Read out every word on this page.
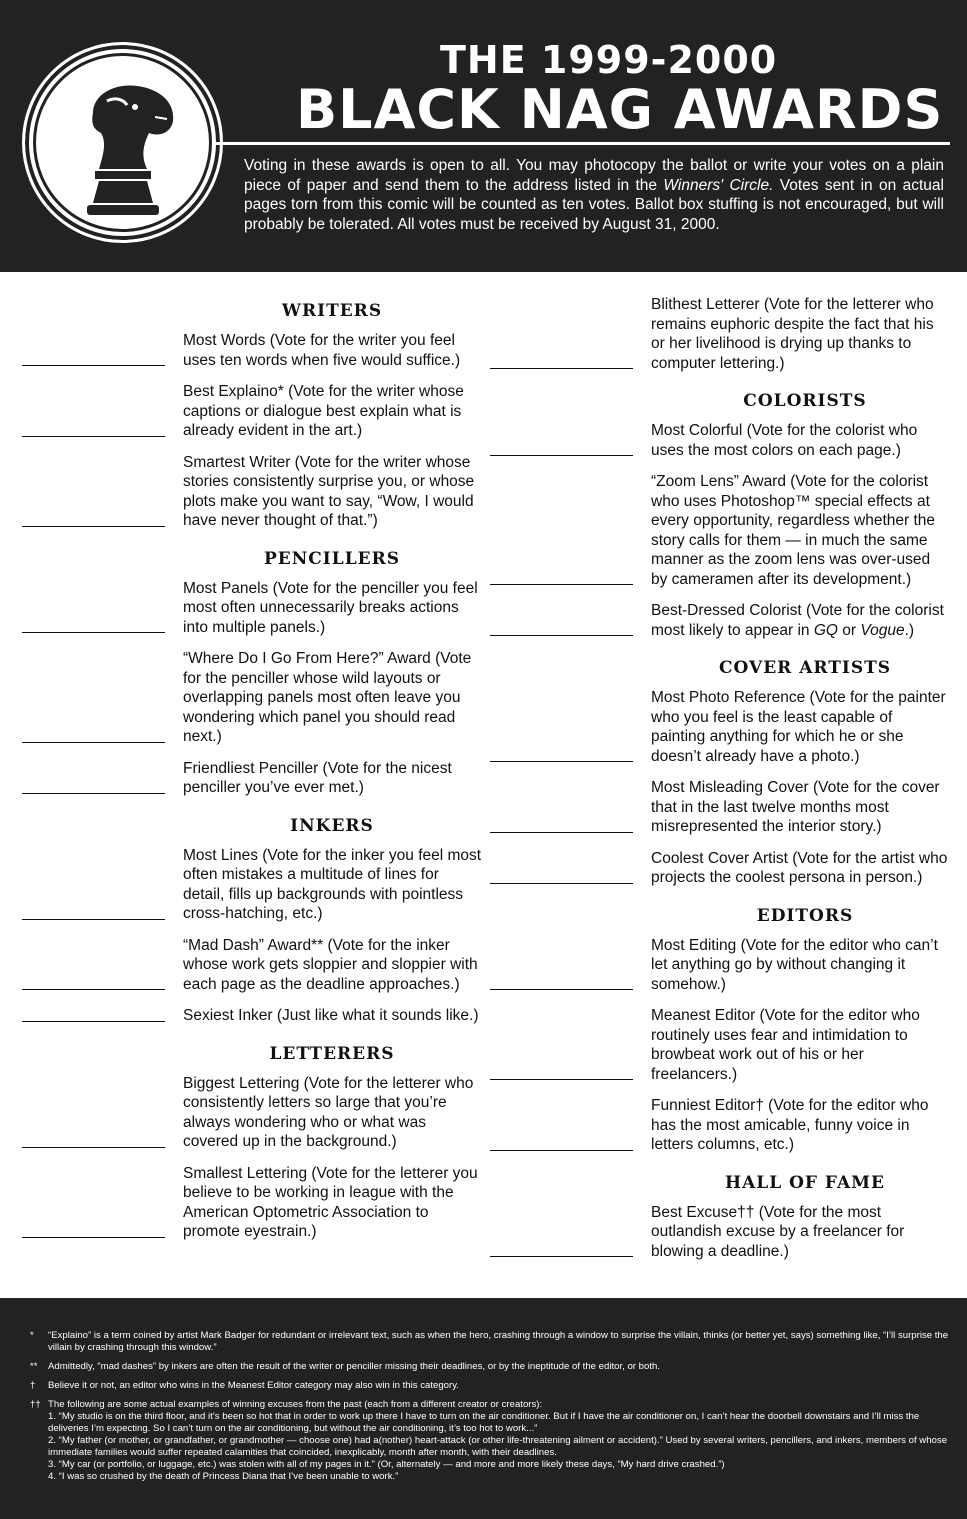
THE 1999-2000
BLACK NAG AWARDS
Voting in these awards is open to all. You may photocopy the ballot or write your votes on a plain piece of paper and send them to the address listed in the Winners' Circle. Votes sent in on actual pages torn from this comic will be counted as ten votes. Ballot box stuffing is not encouraged, but will probably be tolerated. All votes must be received by August 31, 2000.
WRITERS
Most Words (Vote for the writer you feel uses ten words when five would suffice.)
Best Explaino* (Vote for the writer whose captions or dialogue best explain what is already evident in the art.)
Smartest Writer (Vote for the writer whose stories consistently surprise you, or whose plots make you want to say, “Wow, I would have never thought of that.”)
PENCILLERS
Most Panels (Vote for the penciller you feel most often unnecessarily breaks actions into multiple panels.)
“Where Do I Go From Here?” Award (Vote for the penciller whose wild layouts or overlapping panels most often leave you wondering which panel you should read next.)
Friendliest Penciller (Vote for the nicest penciller you’ve ever met.)
INKERS
Most Lines (Vote for the inker you feel most often mistakes a multitude of lines for detail, fills up backgrounds with pointless cross-hatching, etc.)
“Mad Dash” Award** (Vote for the inker whose work gets sloppier and sloppier with each page as the deadline approaches.)
Sexiest Inker (Just like what it sounds like.)
LETTERERS
Biggest Lettering (Vote for the letterer who consistently letters so large that you’re always wondering who or what was covered up in the background.)
Smallest Lettering (Vote for the letterer you believe to be working in league with the American Optometric Association to promote eyestrain.)
Blithest Letterer (Vote for the letterer who remains euphoric despite the fact that his or her livelihood is drying up thanks to computer lettering.)
COLORISTS
Most Colorful (Vote for the colorist who uses the most colors on each page.)
“Zoom Lens” Award (Vote for the colorist who uses Photoshop™ special effects at every opportunity, regardless whether the story calls for them — in much the same manner as the zoom lens was over-used by cameramen after its development.)
Best-Dressed Colorist (Vote for the colorist most likely to appear in GQ or Vogue.)
COVER ARTISTS
Most Photo Reference (Vote for the painter who you feel is the least capable of painting anything for which he or she doesn’t already have a photo.)
Most Misleading Cover (Vote for the cover that in the last twelve months most misrepresented the interior story.)
Coolest Cover Artist (Vote for the artist who projects the coolest persona in person.)
EDITORS
Most Editing (Vote for the editor who can’t let anything go by without changing it somehow.)
Meanest Editor (Vote for the editor who routinely uses fear and intimidation to browbeat work out of his or her freelancers.)
Funniest Editor† (Vote for the editor who has the most amicable, funny voice in letters columns, etc.)
HALL OF FAME
Best Excuse†† (Vote for the most outlandish excuse by a freelancer for blowing a deadline.)
*	“Explaino” is a term coined by artist Mark Badger for redundant or irrelevant text, such as when the hero, crashing through a window to surprise the villain, thinks (or better yet, says) something like, “I’ll surprise the villain by crashing through this window.”
**	Admittedly, “mad dashes” by inkers are often the result of the writer or penciller missing their deadlines, or by the ineptitude of the editor, or both.
†	Believe it or not, an editor who wins in the Meanest Editor category may also win in this category.
†† The following are some actual examples of winning excuses from the past (each from a different creator or creators):
1. “My studio is on the third floor, and it’s been so hot that in order to work up there I have to turn on the air conditioner. But if I have the air conditioner on, I can’t hear the doorbell downstairs and I’ll miss the deliveries I’m expecting. So I can’t turn on the air conditioning, but without the air conditioning, it’s too hot to work...”
2. “My father (or mother, or grandfather, or grandmother — choose one) had a(nother) heart-attack (or other life-threatening ailment or accident).” Used by several writers, pencillers, and inkers, members of whose immediate families would suffer repeated calamities that coincided, inexplicably, month after month, with their deadlines.
3. “My car (or portfolio, or luggage, etc.) was stolen with all of my pages in it.” (Or, alternately — and more and more likely these days, “My hard drive crashed.”)
4. “I was so crushed by the death of Princess Diana that I’ve been unable to work.”
